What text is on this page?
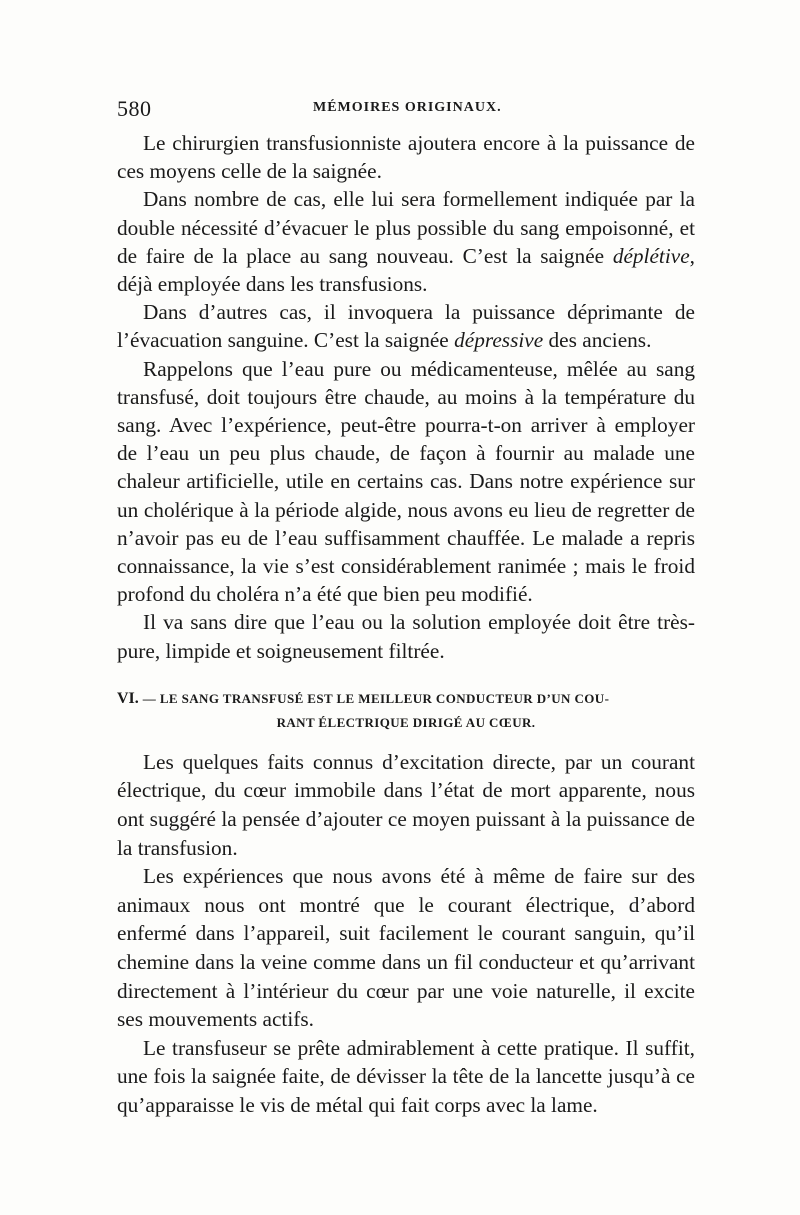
580	MÉMOIRES ORIGINAUX.

Le chirurgien transfusionniste ajoutera encore à la puissance de ces moyens celle de la saignée.

Dans nombre de cas, elle lui sera formellement indiquée par la double nécessité d’évacuer le plus possible du sang empoisonné, et de faire de la place au sang nouveau. C’est la saignée déplétive, déjà employée dans les transfusions.

Dans d’autres cas, il invoquera la puissance déprimante de l’évacuation sanguine. C’est la saignée dépressive des anciens.

Rappelons que l’eau pure ou médicamenteuse, mêlée au sang transfusé, doit toujours être chaude, au moins à la température du sang. Avec l’expérience, peut-être pourra-t-on arriver à employer de l’eau un peu plus chaude, de façon à fournir au malade une chaleur artificielle, utile en certains cas. Dans notre expérience sur un cholérique à la période algide, nous avons eu lieu de regretter de n’avoir pas eu de l’eau suffisamment chauffée. Le malade a repris connaissance, la vie s’est considérablement ranimée ; mais le froid profond du choléra n’a été que bien peu modifié.

Il va sans dire que l’eau ou la solution employée doit être très-pure, limpide et soigneusement filtrée.

VI. — LE SANG TRANSFUSÉ EST LE MEILLEUR CONDUCTEUR D’UN COU-
RANT ÉLECTRIQUE DIRIGÉ AU CŒUR.

Les quelques faits connus d’excitation directe, par un courant électrique, du cœur immobile dans l’état de mort apparente, nous ont suggéré la pensée d’ajouter ce moyen puissant à la puissance de la transfusion.

Les expériences que nous avons été à même de faire sur des animaux nous ont montré que le courant électrique, d’abord enfermé dans l’appareil, suit facilement le courant sanguin, qu’il chemine dans la veine comme dans un fil conducteur et qu’arrivant directement à l’intérieur du cœur par une voie naturelle, il excite ses mouvements actifs.

Le transfuseur se prête admirablement à cette pratique. Il suffit, une fois la saignée faite, de dévisser la tête de la lancette jusqu’à ce qu’apparaisse le vis de métal qui fait corps avec la lame.
